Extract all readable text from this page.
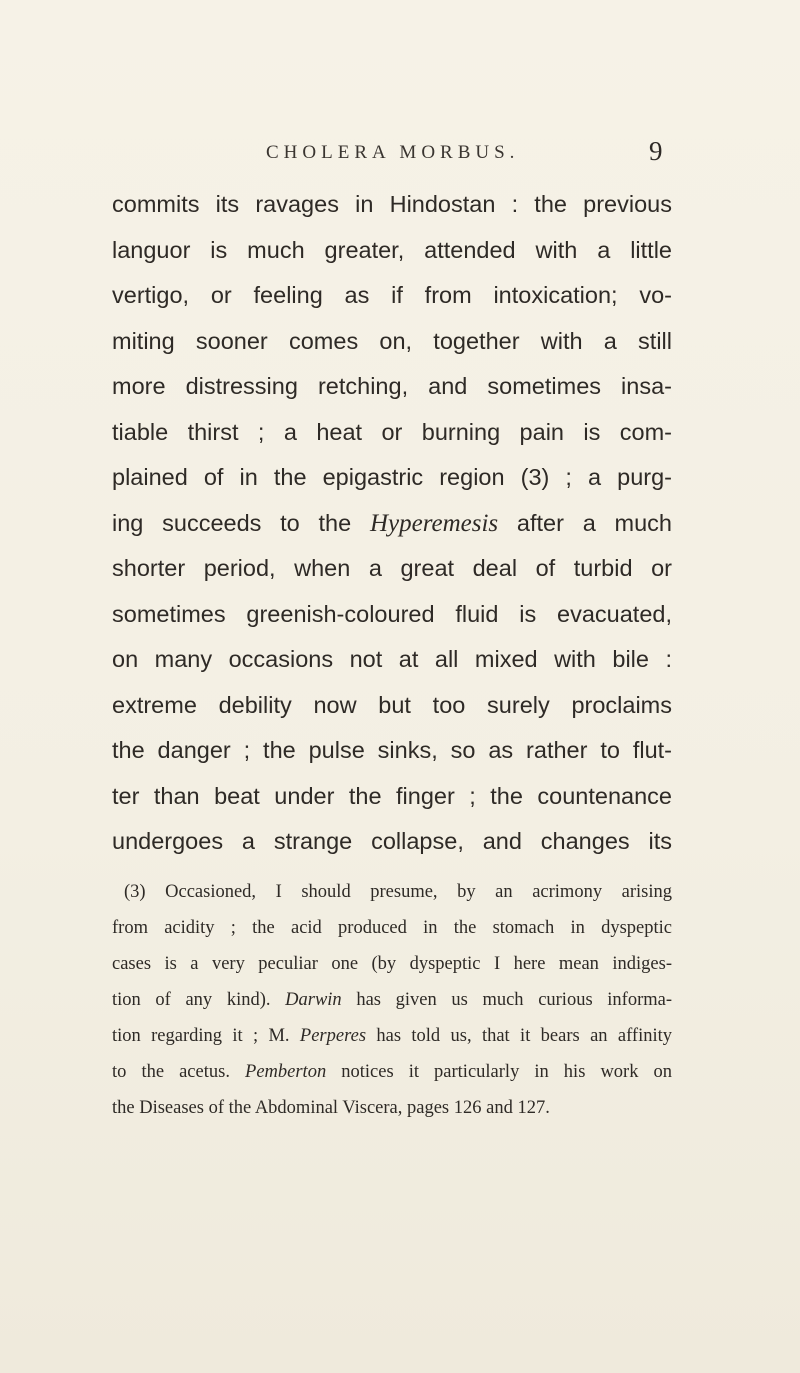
CHOLERA MORBUS.	9
commits its ravages in Hindostan : the previous
languor is much greater, attended with a little
vertigo, or feeling as if from intoxication; vo-
miting sooner comes on, together with a still
more distressing retching, and sometimes insa-
tiable thirst ; a heat or burning pain is com-
plained of in the epigastric region (3) ; a purg-
ing succeeds to the Hyperemesis after a much
shorter period, when a great deal of turbid or
sometimes greenish-coloured fluid is evacuated,
on many occasions not at all mixed with bile :
extreme debility now but too surely proclaims
the danger ; the pulse sinks, so as rather to flut-
ter than beat under the finger ; the countenance
undergoes a strange collapse, and changes its
(3) Occasioned, I should presume, by an acrimony arising
from acidity ; the acid produced in the stomach in dyspeptic
cases is a very peculiar one (by dyspeptic I here mean indiges-
tion of any kind). Darwin has given us much curious informa-
tion regarding it ; M. Perperes has told us, that it bears an affinity
to the acetus. Pemberton notices it particularly in his work on
the Diseases of the Abdominal Viscera, pages 126 and 127.
